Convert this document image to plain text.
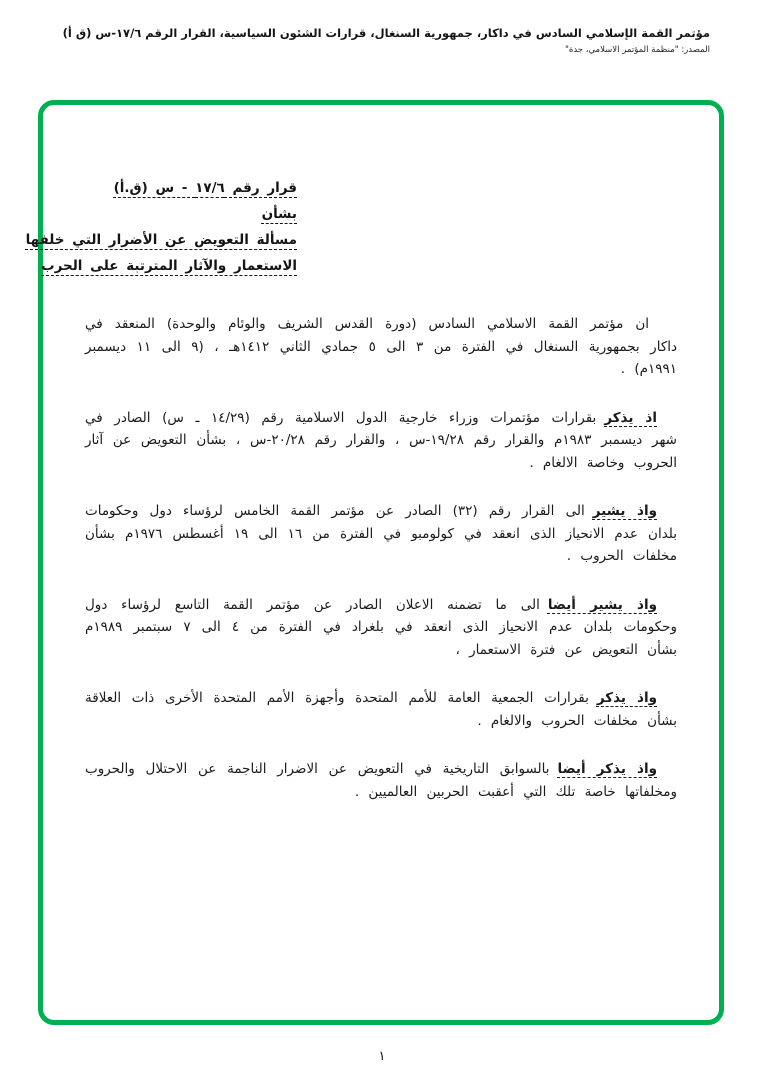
مؤتمر القمة الإسلامي السادس في داكار، جمهورية السنغال، قرارات الشئون السياسية، القرار الرقم ١٧/٦-س (ق أ)
المصدر: "منظمة المؤتمر الاسلامي، جدة"
قرار رقم ١٧/٦ - س (ق.أ)
بشأن
مسألة التعويض عن الأضرار التي خلفها
الاستعمار والآثار المترتبة على الحرب

ان مؤتمر القمة الاسلامي السادس (دورة القدس الشريف والوئام والوحدة) المنعقد في داكار بجمهورية السنغال في الفترة من ٣ الى ٥ جمادي الثاني ١٤١٢هـ ، (٩ الى ١١ ديسمبر ١٩٩١م) .

اذ يذكربقرارات مؤتمرات وزراء خارجية الدول الاسلامية رقم (١٤/٢٩ ـ س) الصادر في شهر ديسمبر ١٩٨٣م والقرار رقم ١٩/٢٨-س ، والقرار رقم ٢٠/٢٨-س ، بشأن التعويض عن آثار الحروب وخاصة الالغام .

واذ يشيرالى القرار رقم (٣٢) الصادر عن مؤتمر القمة الخامس لرؤساء دول وحكومات بلدان عدم الانحياز الذى انعقد في كولومبو في الفترة من ١٦ الى ١٩ أغسطس ١٩٧٦م بشأن مخلفات الحروب .

واذ يشير أيضاالى ما تضمنه الاعلان الصادر عن مؤتمر القمة التاسع لرؤساء دول وحكومات بلدان عدم الانحياز الذى انعقد في بلغراد في الفترة من ٤ الى ٧ سبتمبر ١٩٨٩م بشأن التعويض عن فترة الاستعمار ،

واذ يذكربقرارات الجمعية العامة للأمم المتحدة وأجهزة الأمم المتحدة الأخرى ذات العلاقة بشأن مخلفات الحروب والالغام .

واذ يذكر أيضابالسوابق التاريخية في التعويض عن الاضرار الناجمة عن الاحتلال والحروب ومخلفاتها خاصة تلك التي أعقبت الحربين العالميين .

١
